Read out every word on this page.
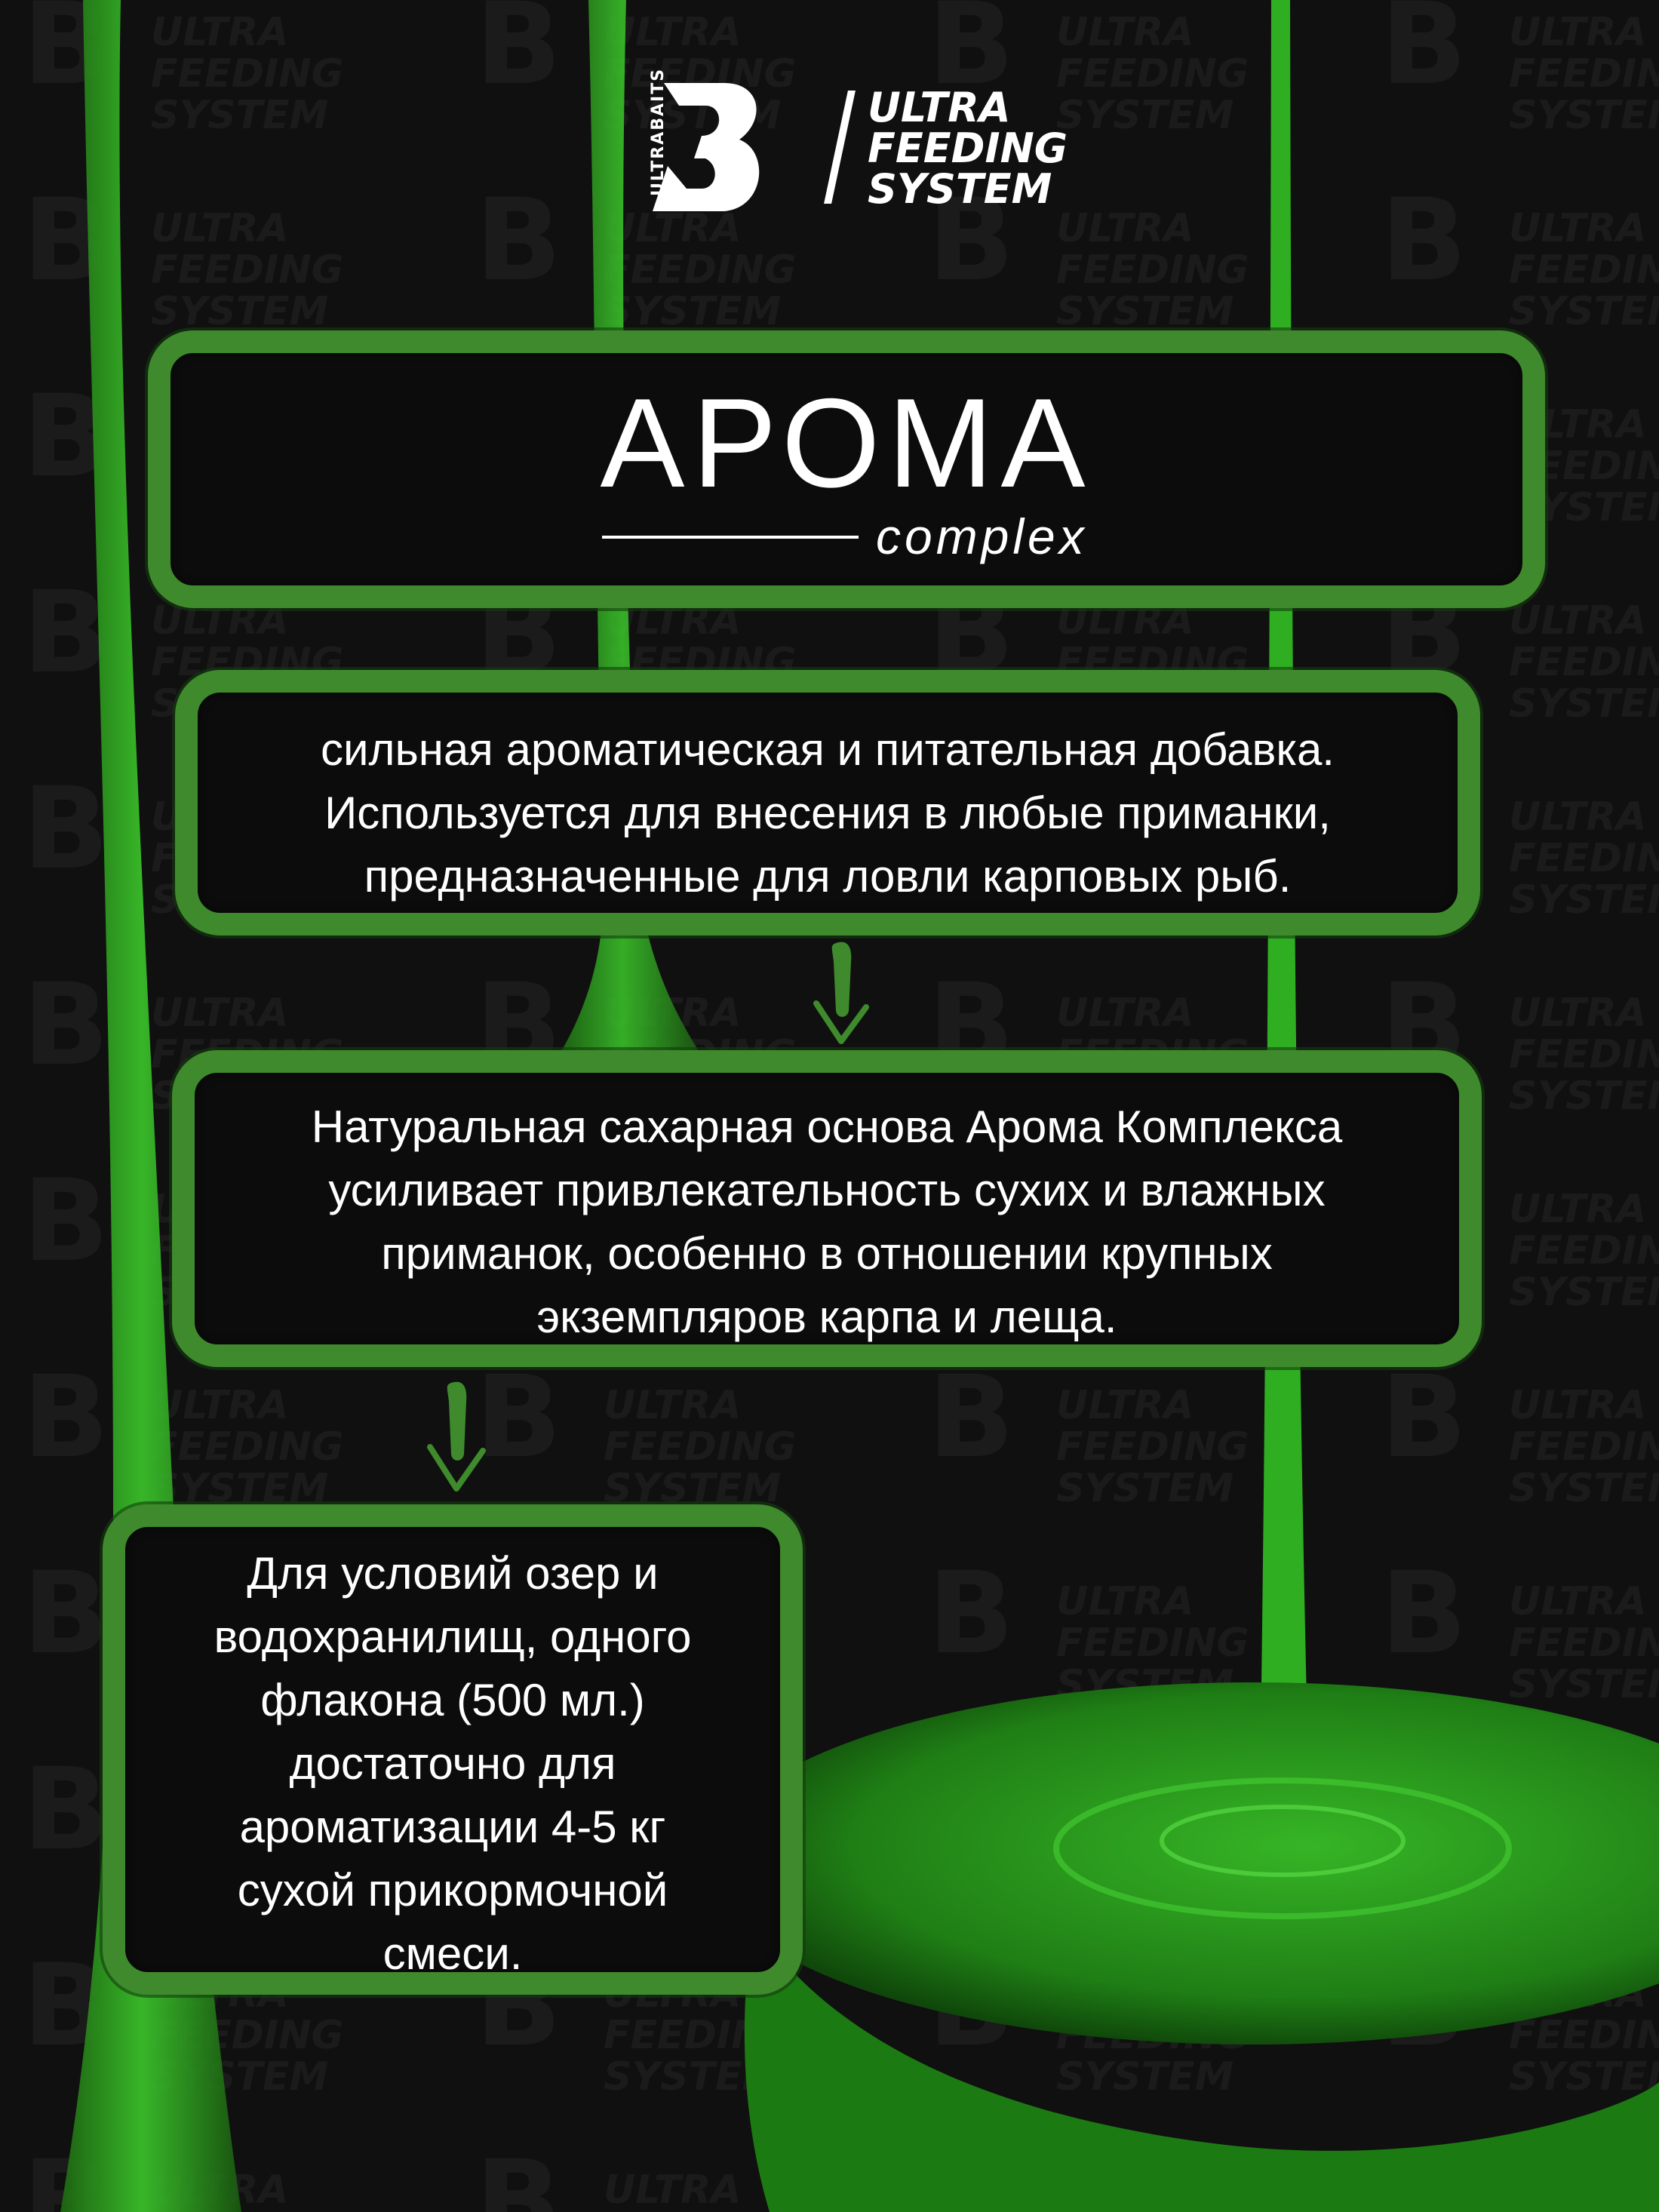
ULTRABAITS	ULTRA
FEEDING
SYSTEM
АРОМА
complex
сильная ароматическая и питательная добавка.
Используется для внесения в любые приманки,
предназначенные для ловли карповых рыб.
Натуральная сахарная основа Арома Комплекса
усиливает привлекательность сухих и влажных
приманок, особенно в отношении крупных
экземпляров карпа и леща.
Для условий озер и
водохранилищ, одного
флакона (500 мл.)
достаточно для
ароматизации 4-5 кг
сухой прикормочной
смеси.
